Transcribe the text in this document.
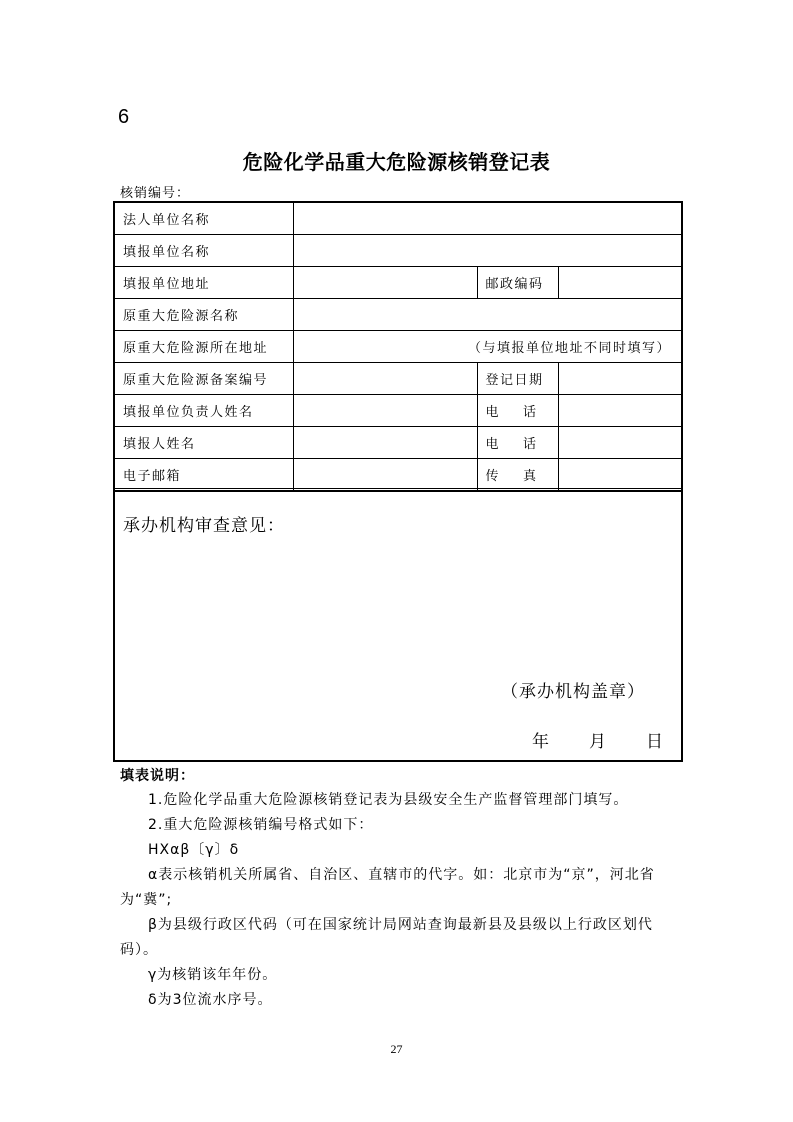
6
危险化学品重大危险源核销登记表
核销编号：
法人单位名称			
填报单位名称			
填报单位地址		邮政编码	
原重大危险源名称			
原重大危险源所在地址	（与填报单位地址不同时填写）		
原重大危险源备案编号		登记日期	
填报单位负责人姓名		电 话	
填报人姓名		电 话	
电子邮箱		传 真	
承办机构审查意见：
（承办机构盖章）
年 月 日
填表说明：

1.危险化学品重大危险源核销登记表为县级安全生产监督管理部门填写。

2.重大危险源核销编号格式如下：

HXαβ〔γ〕δ

α表示核销机关所属省、自治区、直辖市的代字。如：北京市为“京”，河北省为“冀”;

β为县级行政区代码（可在国家统计局网站查询最新县及县级以上行政区划代码）。

γ为核销该年年份。

δ为3位流水序号。

27
